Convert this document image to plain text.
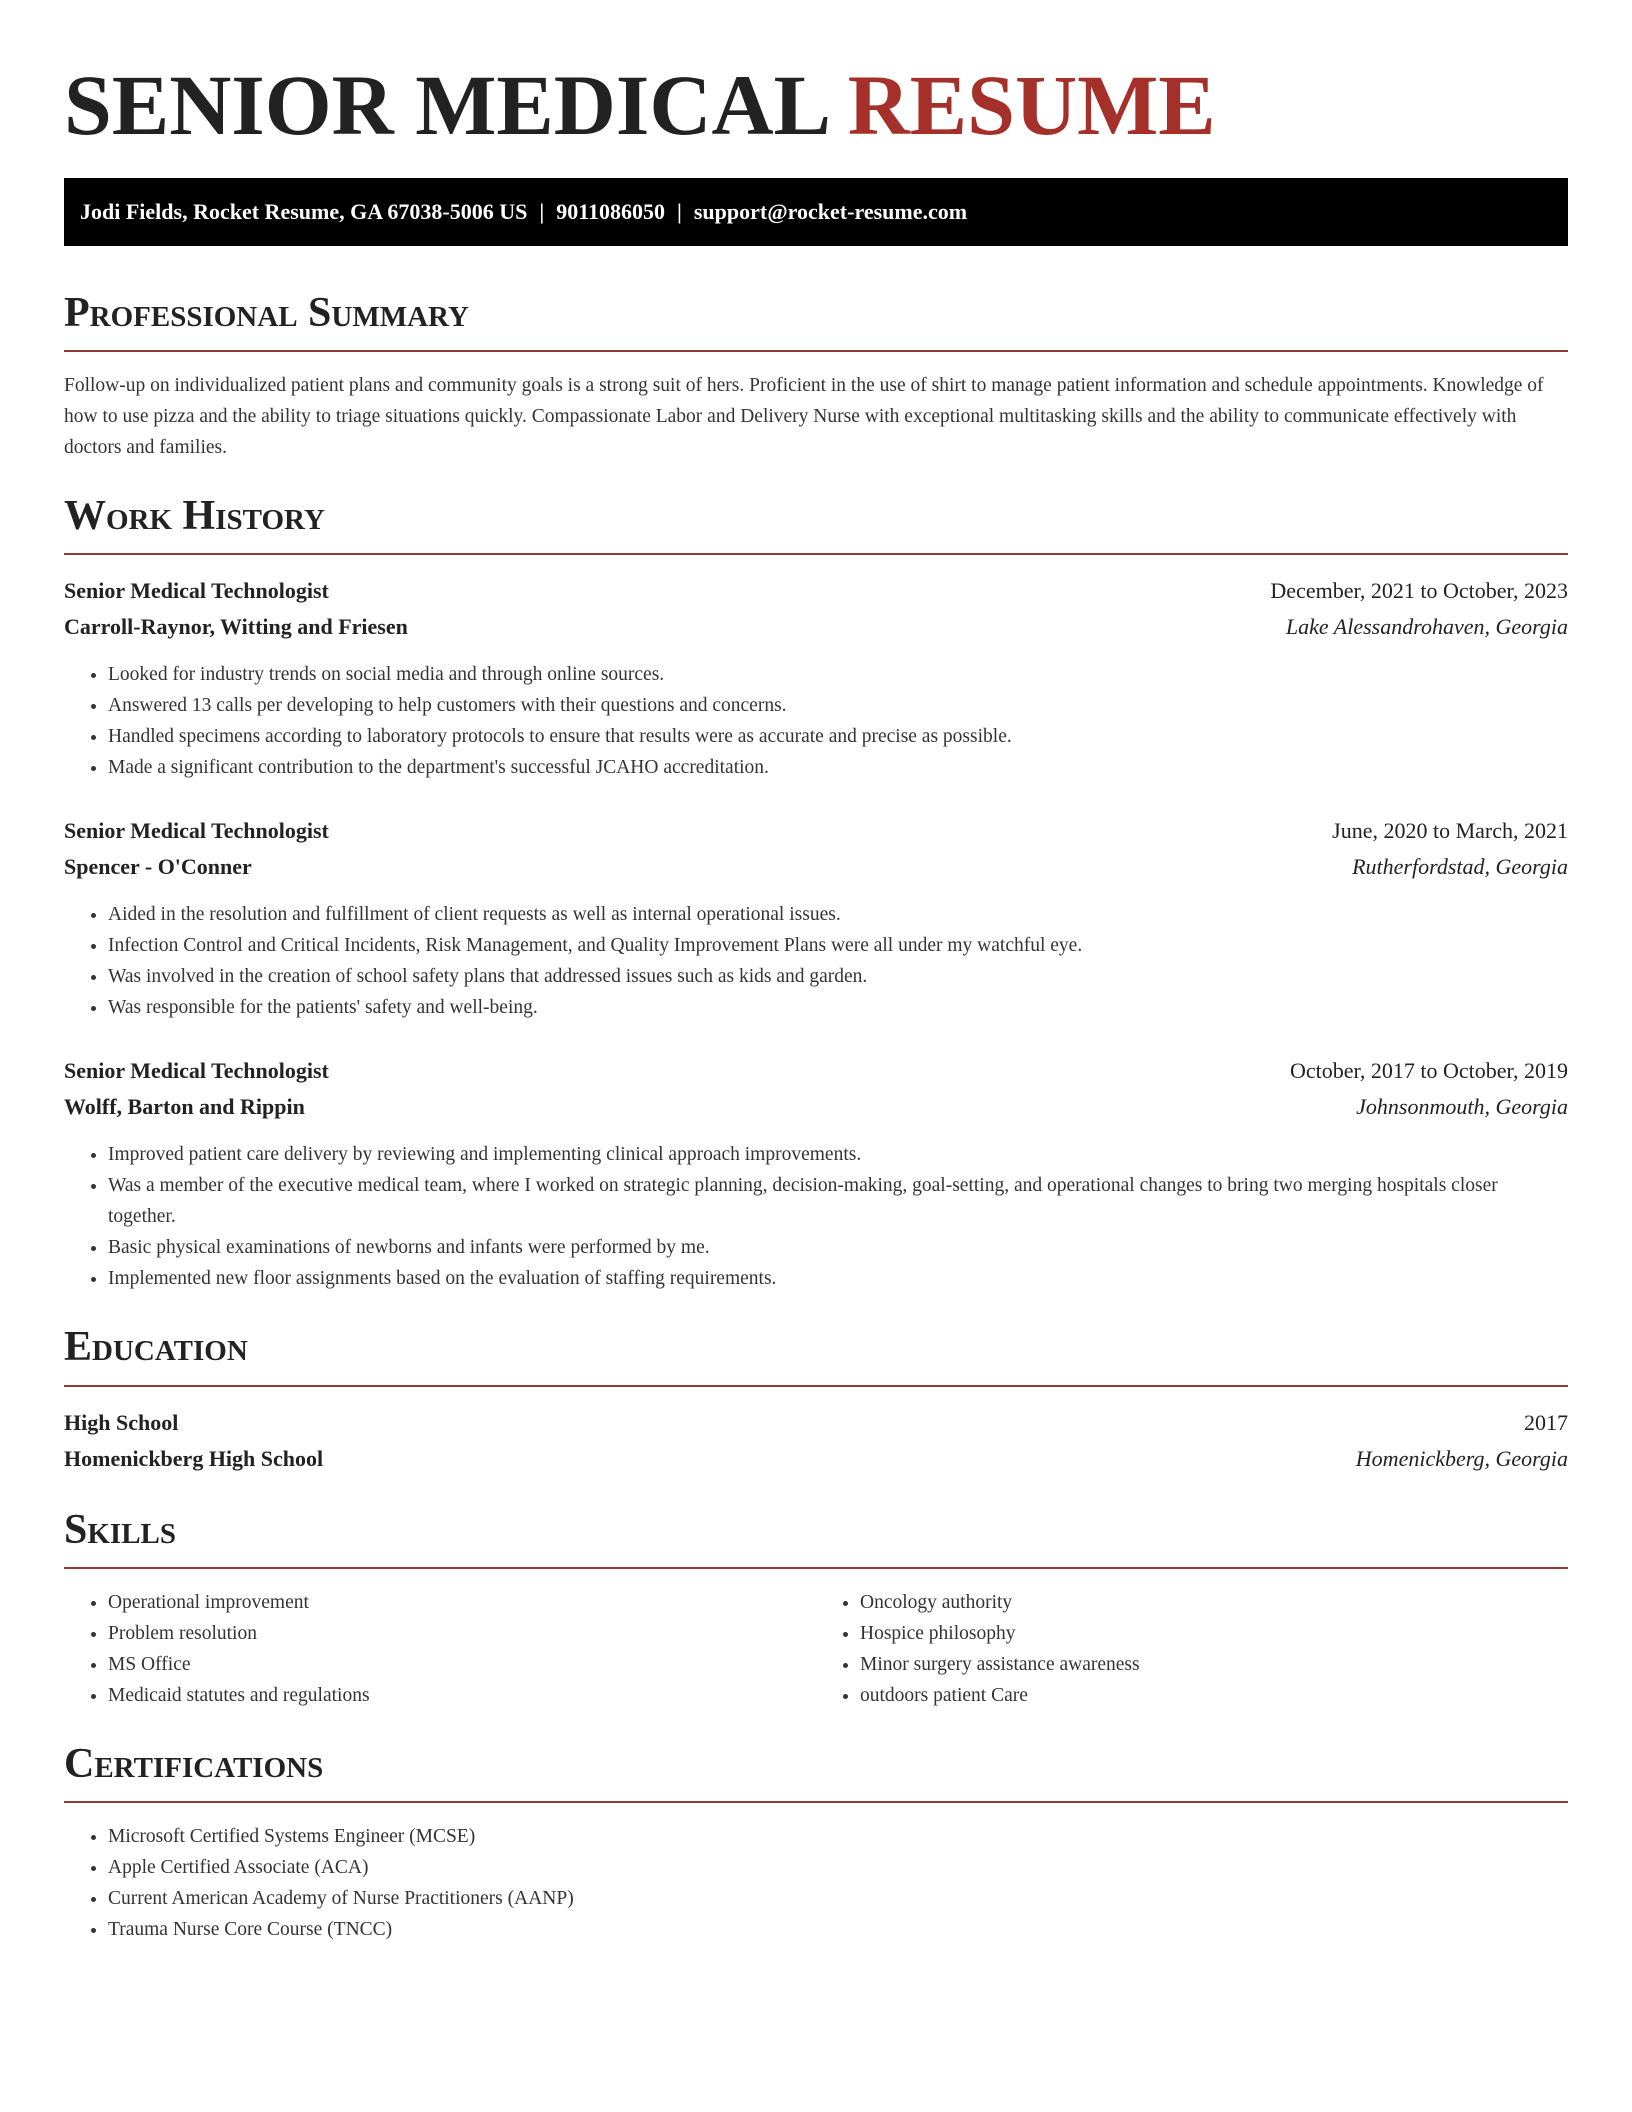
SENIOR MEDICAL RESUME
Jodi Fields, Rocket Resume, GA 67038-5006 US | 9011086050 | support@rocket-resume.com
Professional Summary

Follow-up on individualized patient plans and community goals is a strong suit of hers. Proficient in the use of shirt to manage patient information and schedule appointments. Knowledge of how to use pizza and the ability to triage situations quickly. Compassionate Labor and Delivery Nurse with exceptional multitasking skills and the ability to communicate effectively with doctors and families.

Work History
Senior Medical Technologist	December, 2021 to October, 2023
Carroll-Raynor, Witting and Friesen	Lake Alessandrohaven, Georgia
• Looked for industry trends on social media and through online sources.
• Answered 13 calls per developing to help customers with their questions and concerns.
• Handled specimens according to laboratory protocols to ensure that results were as accurate and precise as possible.
• Made a significant contribution to the department's successful JCAHO accreditation.
Senior Medical Technologist	June, 2020 to March, 2021
Spencer - O'Conner	Rutherfordstad, Georgia
• Aided in the resolution and fulfillment of client requests as well as internal operational issues.
• Infection Control and Critical Incidents, Risk Management, and Quality Improvement Plans were all under my watchful eye.
• Was involved in the creation of school safety plans that addressed issues such as kids and garden.
• Was responsible for the patients' safety and well-being.
Senior Medical Technologist	October, 2017 to October, 2019
Wolff, Barton and Rippin	Johnsonmouth, Georgia
• Improved patient care delivery by reviewing and implementing clinical approach improvements.
• Was a member of the executive medical team, where I worked on strategic planning, decision-making, goal-setting, and operational changes to bring two merging hospitals closer together.
• Basic physical examinations of newborns and infants were performed by me.
• Implemented new floor assignments based on the evaluation of staffing requirements.
Education
High School	2017
Homenickberg High School	Homenickberg, Georgia
Skills
• Operational improvement
• Problem resolution
• MS Office
• Medicaid statutes and regulations
• Oncology authority
• Hospice philosophy
• Minor surgery assistance awareness
• outdoors patient Care
Certifications
• Microsoft Certified Systems Engineer (MCSE)
• Apple Certified Associate (ACA)
• Current American Academy of Nurse Practitioners (AANP)
• Trauma Nurse Core Course (TNCC)
